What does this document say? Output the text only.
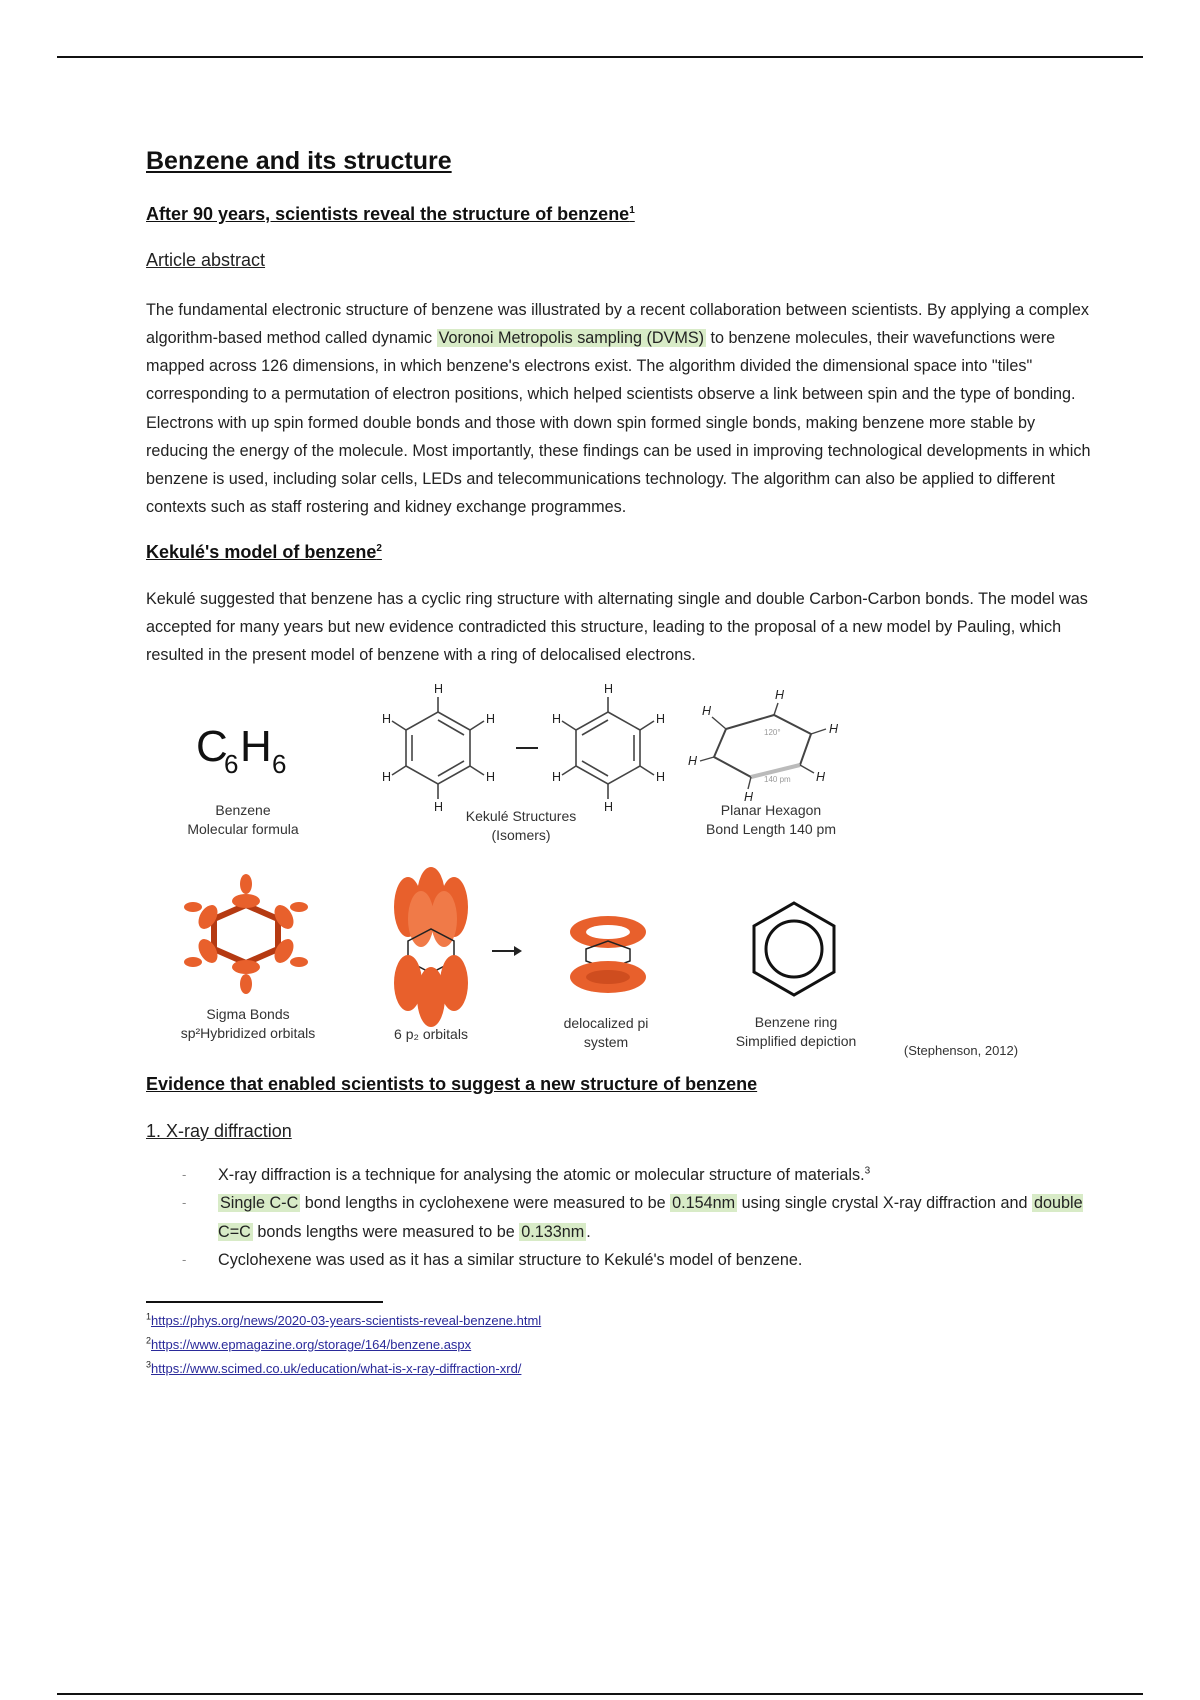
Benzene and its structure
After 90 years, scientists reveal the structure of benzene$^1$
Article abstract

The fundamental electronic structure of benzene was illustrated by a recent collaboration between scientists. By applying a complex algorithm-based method called dynamic Voronoi Metropolis sampling (DVMS) to benzene molecules, their wavefunctions were mapped across 126 dimensions, in which benzene's electrons exist. The algorithm divided the dimensional space into "tiles" corresponding to a permutation of electron positions, which helped scientists observe a link between spin and the type of bonding. Electrons with up spin formed double bonds and those with down spin formed single bonds, making benzene more stable by reducing the energy of the molecule. Most importantly, these findings can be used in improving technological developments in which benzene is used, including solar cells, LEDs and telecommunications technology. The algorithm can also be applied to different contexts such as staff rostering and kidney exchange programmes.

Kekulé's model of benzene$^2$

Kekulé suggested that benzene has a cyclic ring structure with alternating single and double Carbon-Carbon bonds. The model was accepted for many years but new evidence contradicted this structure, leading to the proposal of a new model by Pauling, which resulted in the present model of benzene with a ring of delocalised electrons.

C
6 H 6
H
H
H
H
H
H
H
H
H
H
H
H
120°
140 pm
H
H
H
H
H
H
Benzene
Molecular formula
Kekulé Structures
(Isomers)
Planar Hexagon
Bond Length 140 pm
Sigma Bonds
sp²Hybridized orbitals	6 p₂ orbitals
delocalized pi
system
Benzene ring
Simplified depiction
(Stephenson, 2012)
Evidence that enabled scientists to suggest a new structure of benzene
1. X-ray diffraction
- X-ray diffraction is a technique for analysing the atomic or molecular structure of materials.$^3$
- Single C-C bond lengths in cyclohexene were measured to be 0.154nm using single crystal X-ray diffraction and double C=C bonds lengths were measured to be 0.133nm .
- Cyclohexene was used as it has a similar structure to Kekulé's model of benzene.
$^1$https://phys.org/news/2020-03-years-scientists-reveal-benzene.html
$^2$https://www.epmagazine.org/storage/164/benzene.aspx
$^3$https://www.scimed.co.uk/education/what-is-x-ray-diffraction-xrd/
